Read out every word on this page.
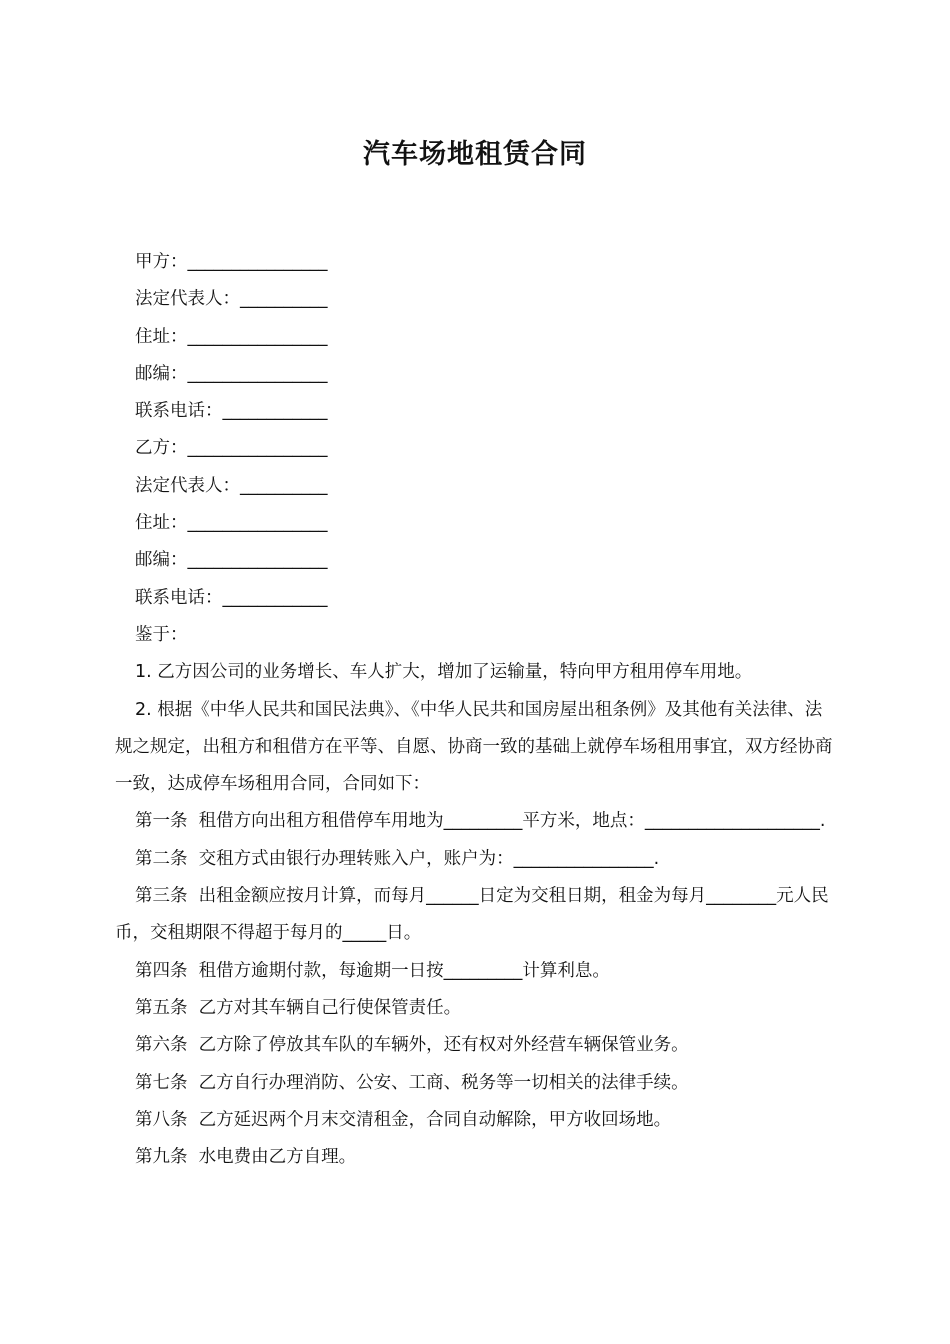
汽车场地租赁合同

甲方：________________

法定代表人：__________

住址：________________

邮编：________________

联系电话：____________

乙方：________________

法定代表人：__________

住址：________________

邮编：________________

联系电话：____________

鉴于：

1. 乙方因公司的业务增长、车人扩大，增加了运输量，特向甲方租用停车用地。

2. 根据《中华人民共和国民法典》、《中华人民共和国房屋出租条例》及其他有关法律、法规之规定，出租方和租借方在平等、自愿、协商一致的基础上就停车场租用事宜，双方经协商一致，达成停车场租用合同，合同如下：

第一条  租借方向出租方租借停车用地为_________平方米，地点：____________________.

第二条  交租方式由银行办理转账入户，账户为：________________.

第三条  出租金额应按月计算，而每月______日定为交租日期，租金为每月________元人民币，交租期限不得超于每月的_____日。

第四条  租借方逾期付款，每逾期一日按_________计算利息。

第五条  乙方对其车辆自己行使保管责任。

第六条  乙方除了停放其车队的车辆外，还有权对外经营车辆保管业务。

第七条  乙方自行办理消防、公安、工商、税务等一切相关的法律手续。

第八条  乙方延迟两个月末交清租金，合同自动解除，甲方收回场地。

第九条  水电费由乙方自理。
